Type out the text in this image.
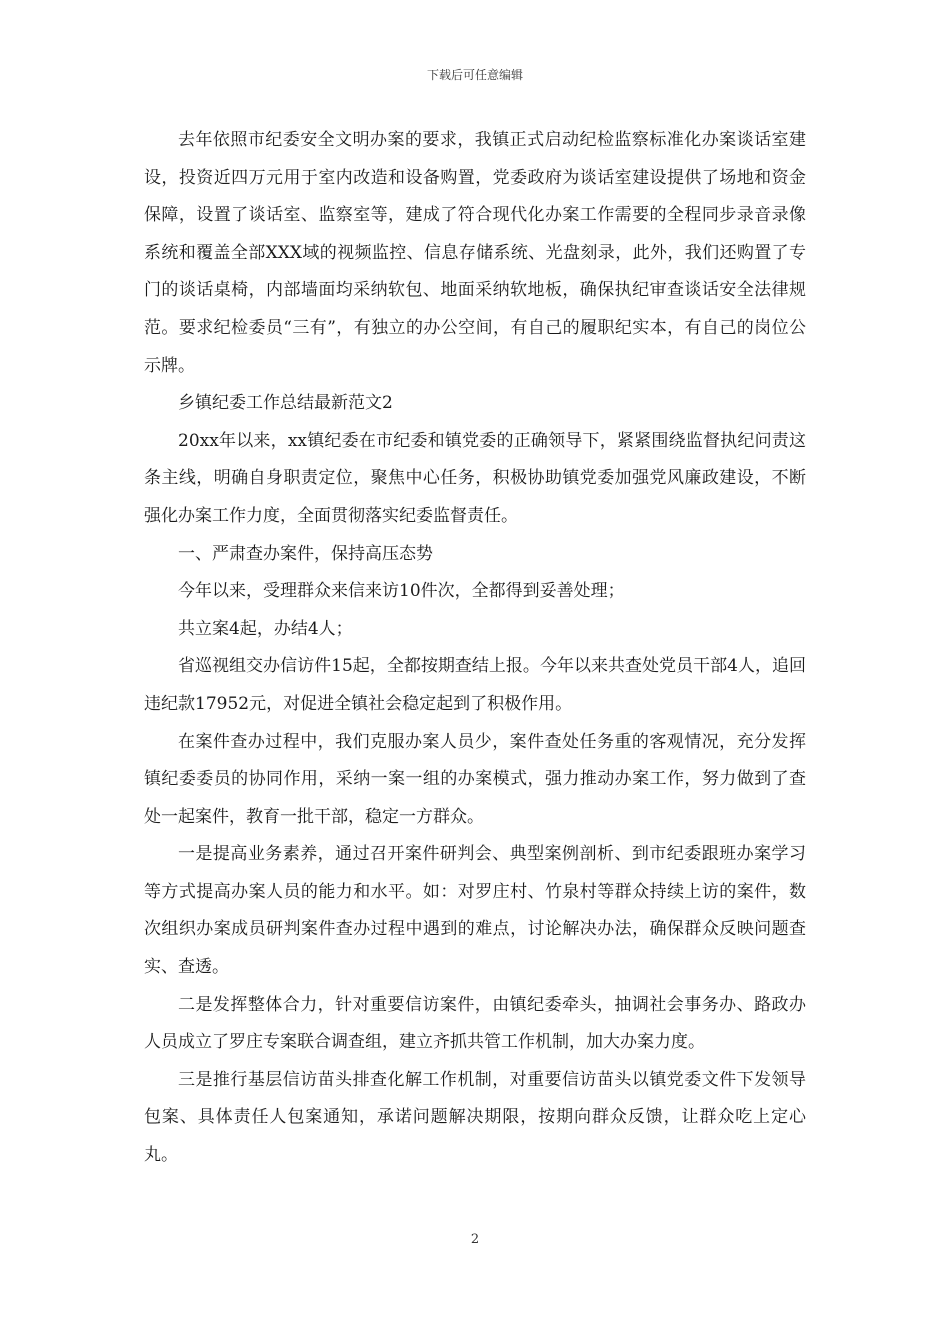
下载后可任意编辑

去年依照市纪委安全文明办案的要求，我镇正式启动纪检监察标准化办案谈话室建设，投资近四万元用于室内改造和设备购置，党委政府为谈话室建设提供了场地和资金保障，设置了谈话室、监察室等，建成了符合现代化办案工作需要的全程同步录音录像系统和覆盖全部XXX域的视频监控、信息存储系统、光盘刻录，此外，我们还购置了专门的谈话桌椅，内部墙面均采纳软包、地面采纳软地板，确保执纪审查谈话安全法律规范。要求纪检委员“三有”，有独立的办公空间，有自己的履职纪实本，有自己的岗位公示牌。

乡镇纪委工作总结最新范文2

20xx年以来，xx镇纪委在市纪委和镇党委的正确领导下，紧紧围绕监督执纪问责这条主线，明确自身职责定位，聚焦中心任务，积极协助镇党委加强党风廉政建设，不断强化办案工作力度，全面贯彻落实纪委监督责任。

一、严肃查办案件，保持高压态势

今年以来，受理群众来信来访10件次，全都得到妥善处理；

共立案4起，办结4人；

省巡视组交办信访件15起，全都按期查结上报。今年以来共查处党员干部4人，追回违纪款17952元，对促进全镇社会稳定起到了积极作用。

在案件查办过程中，我们克服办案人员少，案件查处任务重的客观情况，充分发挥镇纪委委员的协同作用，采纳一案一组的办案模式，强力推动办案工作，努力做到了查处一起案件，教育一批干部，稳定一方群众。

一是提高业务素养，通过召开案件研判会、典型案例剖析、到市纪委跟班办案学习等方式提高办案人员的能力和水平。如：对罗庄村、竹泉村等群众持续上访的案件，数次组织办案成员研判案件查办过程中遇到的难点，讨论解决办法，确保群众反映问题查实、查透。

二是发挥整体合力，针对重要信访案件，由镇纪委牵头，抽调社会事务办、路政办人员成立了罗庄专案联合调查组，建立齐抓共管工作机制，加大办案力度。

三是推行基层信访苗头排查化解工作机制，对重要信访苗头以镇党委文件下发领导包案、具体责任人包案通知，承诺问题解决期限，按期向群众反馈，让群众吃上定心丸。

2
